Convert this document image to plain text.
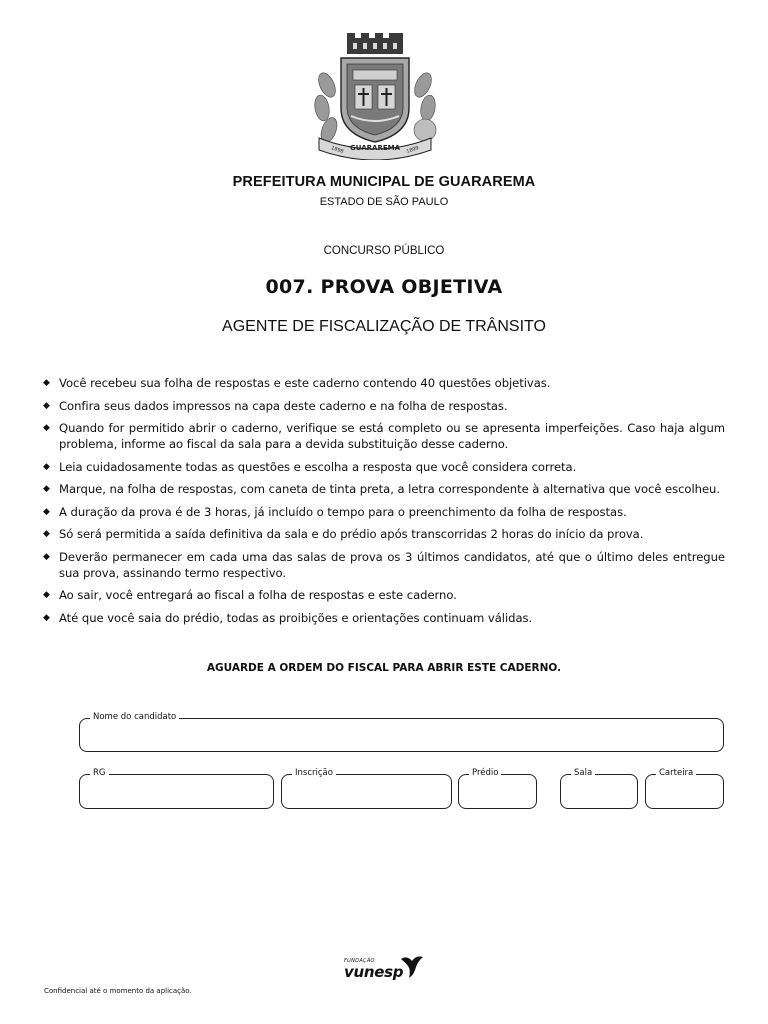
GUARAREMA
1898	1899
PREFEITURA MUNICIPAL DE GUARAREMA
ESTADO DE SÃO PAULO
CONCURSO PÚBLICO
007. PROVA OBJETIVA
AGENTE DE FISCALIZAÇÃO DE TRÂNSITO
◆ Você recebeu sua folha de respostas e este caderno contendo 40 questões objetivas.
◆ Confira seus dados impressos na capa deste caderno e na folha de respostas.
◆ Quando for permitido abrir o caderno, verifique se está completo ou se apresenta imperfeições. Caso haja algum problema, informe ao fiscal da sala para a devida substituição desse caderno.
◆ Leia cuidadosamente todas as questões e escolha a resposta que você considera correta.
◆ Marque, na folha de respostas, com caneta de tinta preta, a letra correspondente à alternativa que você escolheu.
◆ A duração da prova é de 3 horas, já incluído o tempo para o preenchimento da folha de respostas.
◆ Só será permitida a saída definitiva da sala e do prédio após transcorridas 2 horas do início da prova.
◆ Deverão permanecer em cada uma das salas de prova os 3 últimos candidatos, até que o último deles entregue sua prova, assinando termo respectivo.
◆ Ao sair, você entregará ao fiscal a folha de respostas e este caderno.
◆ Até que você saia do prédio, todas as proibições e orientações continuam válidas.
AGUARDE A ORDEM DO FISCAL PARA ABRIR ESTE CADERNO.
Nome do candidato
RG	Inscrição	Prédio	Sala	Carteira
FUNDAÇÃO
vunesp
Confidencial até o momento da aplicação.
